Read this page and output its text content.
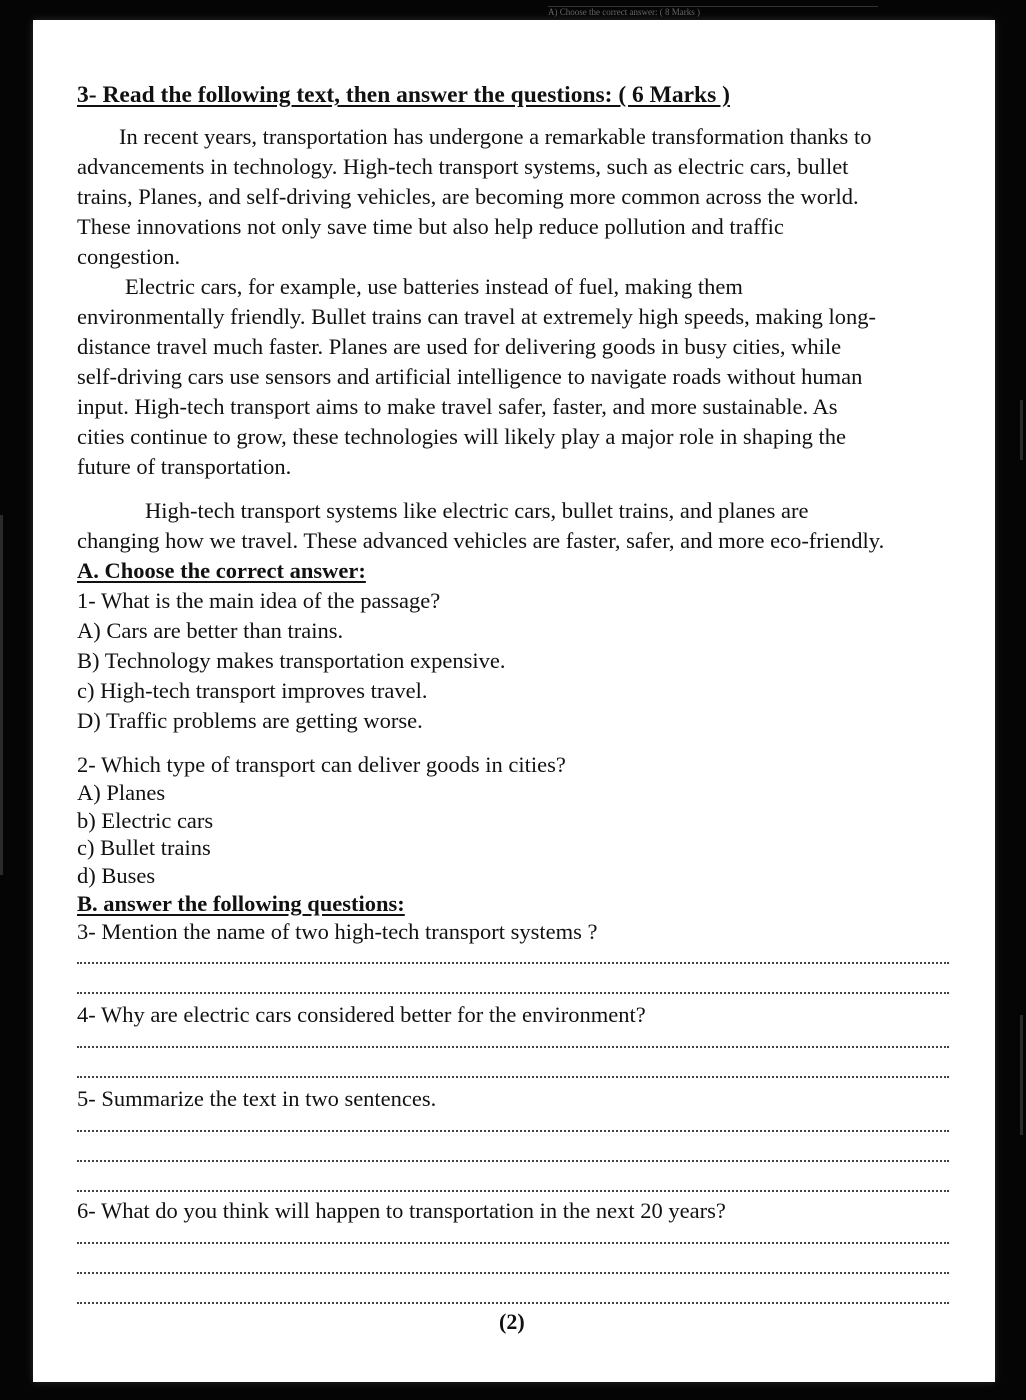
A) Choose the correct answer: ( 8 Marks )
3- Read the following text, then answer the questions: ( 6 Marks )
In recent years, transportation has undergone a remarkable transformation thanks to
advancements in technology. High-tech transport systems, such as electric cars, bullet
trains, Planes, and self-driving vehicles, are becoming more common across the world.
These innovations not only save time but also help reduce pollution and traffic
congestion.
Electric cars, for example, use batteries instead of fuel, making them
environmentally friendly. Bullet trains can travel at extremely high speeds, making long-
distance travel much faster. Planes are used for delivering goods in busy cities, while
self-driving cars use sensors and artificial intelligence to navigate roads without human
input. High-tech transport aims to make travel safer, faster, and more sustainable. As
cities continue to grow, these technologies will likely play a major role in shaping the
future of transportation.
High-tech transport systems like electric cars, bullet trains, and planes are
changing how we travel. These advanced vehicles are faster, safer, and more eco-friendly.
A. Choose the correct answer:
1- What is the main idea of the passage?
A) Cars are better than trains.
B) Technology makes transportation expensive.
c) High-tech transport improves travel.
D) Traffic problems are getting worse.
2- Which type of transport can deliver goods in cities?
A) Planes
b) Electric cars
c) Bullet trains
d) Buses
B. answer the following questions:
3- Mention the name of two high-tech transport systems ?
4- Why are electric cars considered better for the environment?
5- Summarize the text in two sentences.
6- What do you think will happen to transportation in the next 20 years?
(2)
